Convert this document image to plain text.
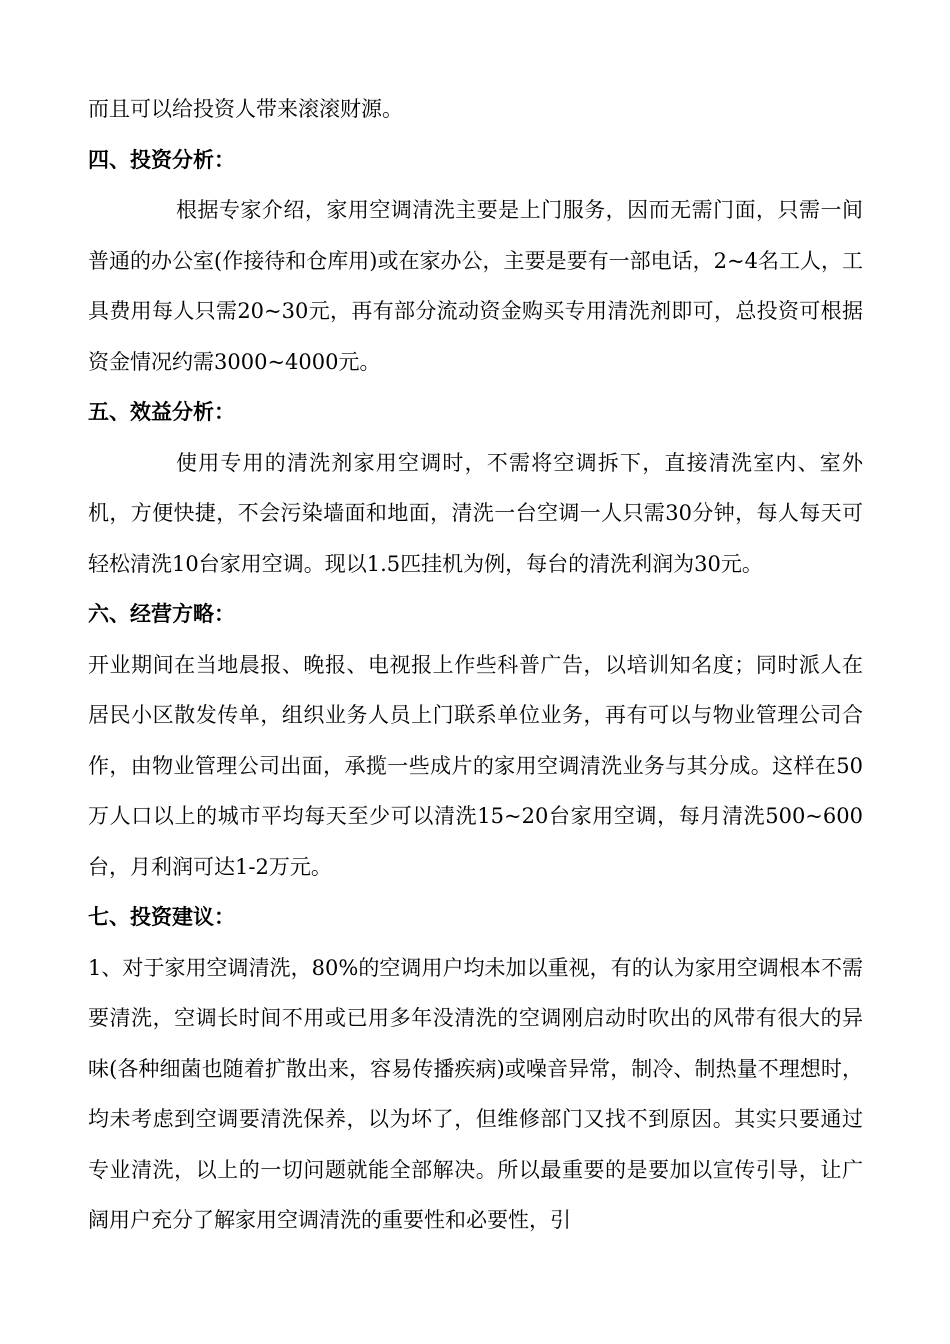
而且可以给投资人带来滚滚财源。

四、投资分析：

根据专家介绍，家用空调清洗主要是上门服务，因而无需门面，只需一间普通的办公室(作接待和仓库用)或在家办公，主要是要有一部电话，2~4名工人，工具费用每人只需20~30元，再有部分流动资金购买专用清洗剂即可，总投资可根据资金情况约需3000~4000元。

五、效益分析：

使用专用的清洗剂家用空调时，不需将空调拆下，直接清洗室内、室外机，方便快捷，不会污染墙面和地面，清洗一台空调一人只需30分钟，每人每天可轻松清洗10台家用空调。现以1.5匹挂机为例，每台的清洗利润为30元。

六、经营方略：

开业期间在当地晨报、晚报、电视报上作些科普广告，以培训知名度；同时派人在居民小区散发传单，组织业务人员上门联系单位业务，再有可以与物业管理公司合作，由物业管理公司出面，承揽一些成片的家用空调清洗业务与其分成。这样在50万人口以上的城市平均每天至少可以清洗15~20台家用空调，每月清洗500~600台，月利润可达1-2万元。

七、投资建议：

1、对于家用空调清洗，80%的空调用户均未加以重视，有的认为家用空调根本不需要清洗，空调长时间不用或已用多年没清洗的空调刚启动时吹出的风带有很大的异味(各种细菌也随着扩散出来，容易传播疾病)或噪音异常，制冷、制热量不理想时，均未考虑到空调要清洗保养，以为坏了，但维修部门又找不到原因。其实只要通过专业清洗，以上的一切问题就能全部解决。所以最重要的是要加以宣传引导，让广阔用户充分了解家用空调清洗的重要性和必要性，引
